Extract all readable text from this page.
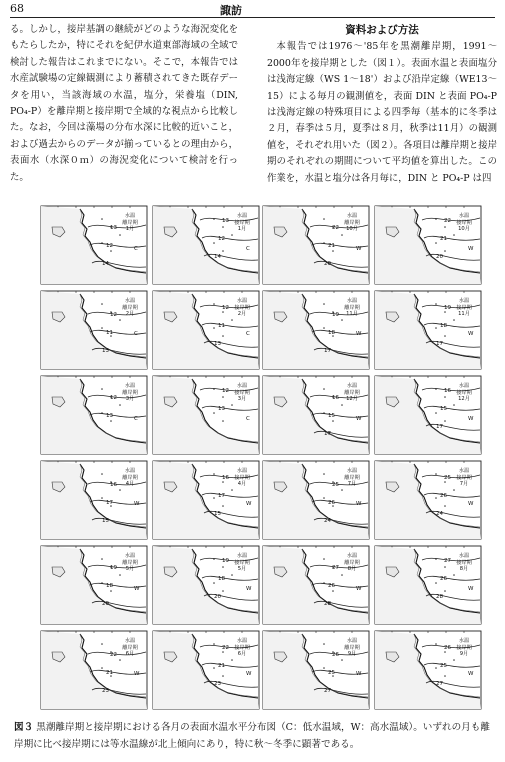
68	諏訪

る。しかし，接岸基調の継続がどのような海況変化をもたらしたか，特にそれを紀伊水道東部海域の全域で検討した報告はこれまでにない。そこで，本報告では水産試験場の定線観測により蓄積されてきた既存データを用い，当該海域の水温，塩分，栄養塩（DIN, PO₄-P）を離岸期と接岸期で全域的な視点から比較した。なお，今回は藻場の分布水深に比較的近いこと，および過去からのデータが揃っているとの理由から，表面水（水深０ｍ）の海況変化について検討を行った。

資料および方法

本報告では1976～'85年を黒潮離岸期，1991～2000年を接岸期とした（図１）。表面水温と表面塩分は浅海定線（WS 1～18'）および沿岸定線（WE13～15）による毎月の観測値を，表面 DIN と表面 PO₄-P は浅海定線の特殊項目による四季毎（基本的に冬季は２月，春季は５月，夏季は８月，秋季は11月）の観測値を，それぞれ用いた（図２）。各項目は離岸期と接岸期のそれぞれの期間について平均値を算出した。この作業を，水温と塩分は各月毎に，DIN と PO₄-P は四

13
12
14
C
水温
離岸期
1月
13
12
14
C
水温
接岸期
1月	22
21
20
W
水温
離岸期
10月
22
21
20
W
水温
接岸期
10月
12
11
13
C
水温
離岸期
2月
12
11
13
C
水温
接岸期
2月	19
18
17
W
水温
離岸期
11月
19
18
17
W
水温
接岸期
11月
12
13	C
水温
離岸期
3月
12
13
C
水温
接岸期
3月	16
15
17
W
水温
離岸期
12月
16
15
17
W
水温
接岸期
12月
16
17
15
W
水温
離岸期
4月
16
17
15
W
水温
接岸期
4月	25
26
24
W
水温
離岸期
7月
25
26
24
W
水温
接岸期
7月
19
18
20
W
水温
離岸期
5月
19
18
20
W
水温
接岸期
5月	27
26
28
W
水温
離岸期
8月
27
26
28
W
水温
接岸期
8月
22
21
23
W
水温
離岸期
6月
22
21
23
W
水温
接岸期
6月	26
25
27
W
水温
離岸期
9月
26
25
27
W
水温
接岸期
9月
図３ 黒潮離岸期と接岸期における各月の表面水温水平分布図（C：低水温域，W：高水温域）。いずれの月も離岸期に比べ接岸期には等水温線が北上傾向にあり，特に秋～冬季に顕著である。
